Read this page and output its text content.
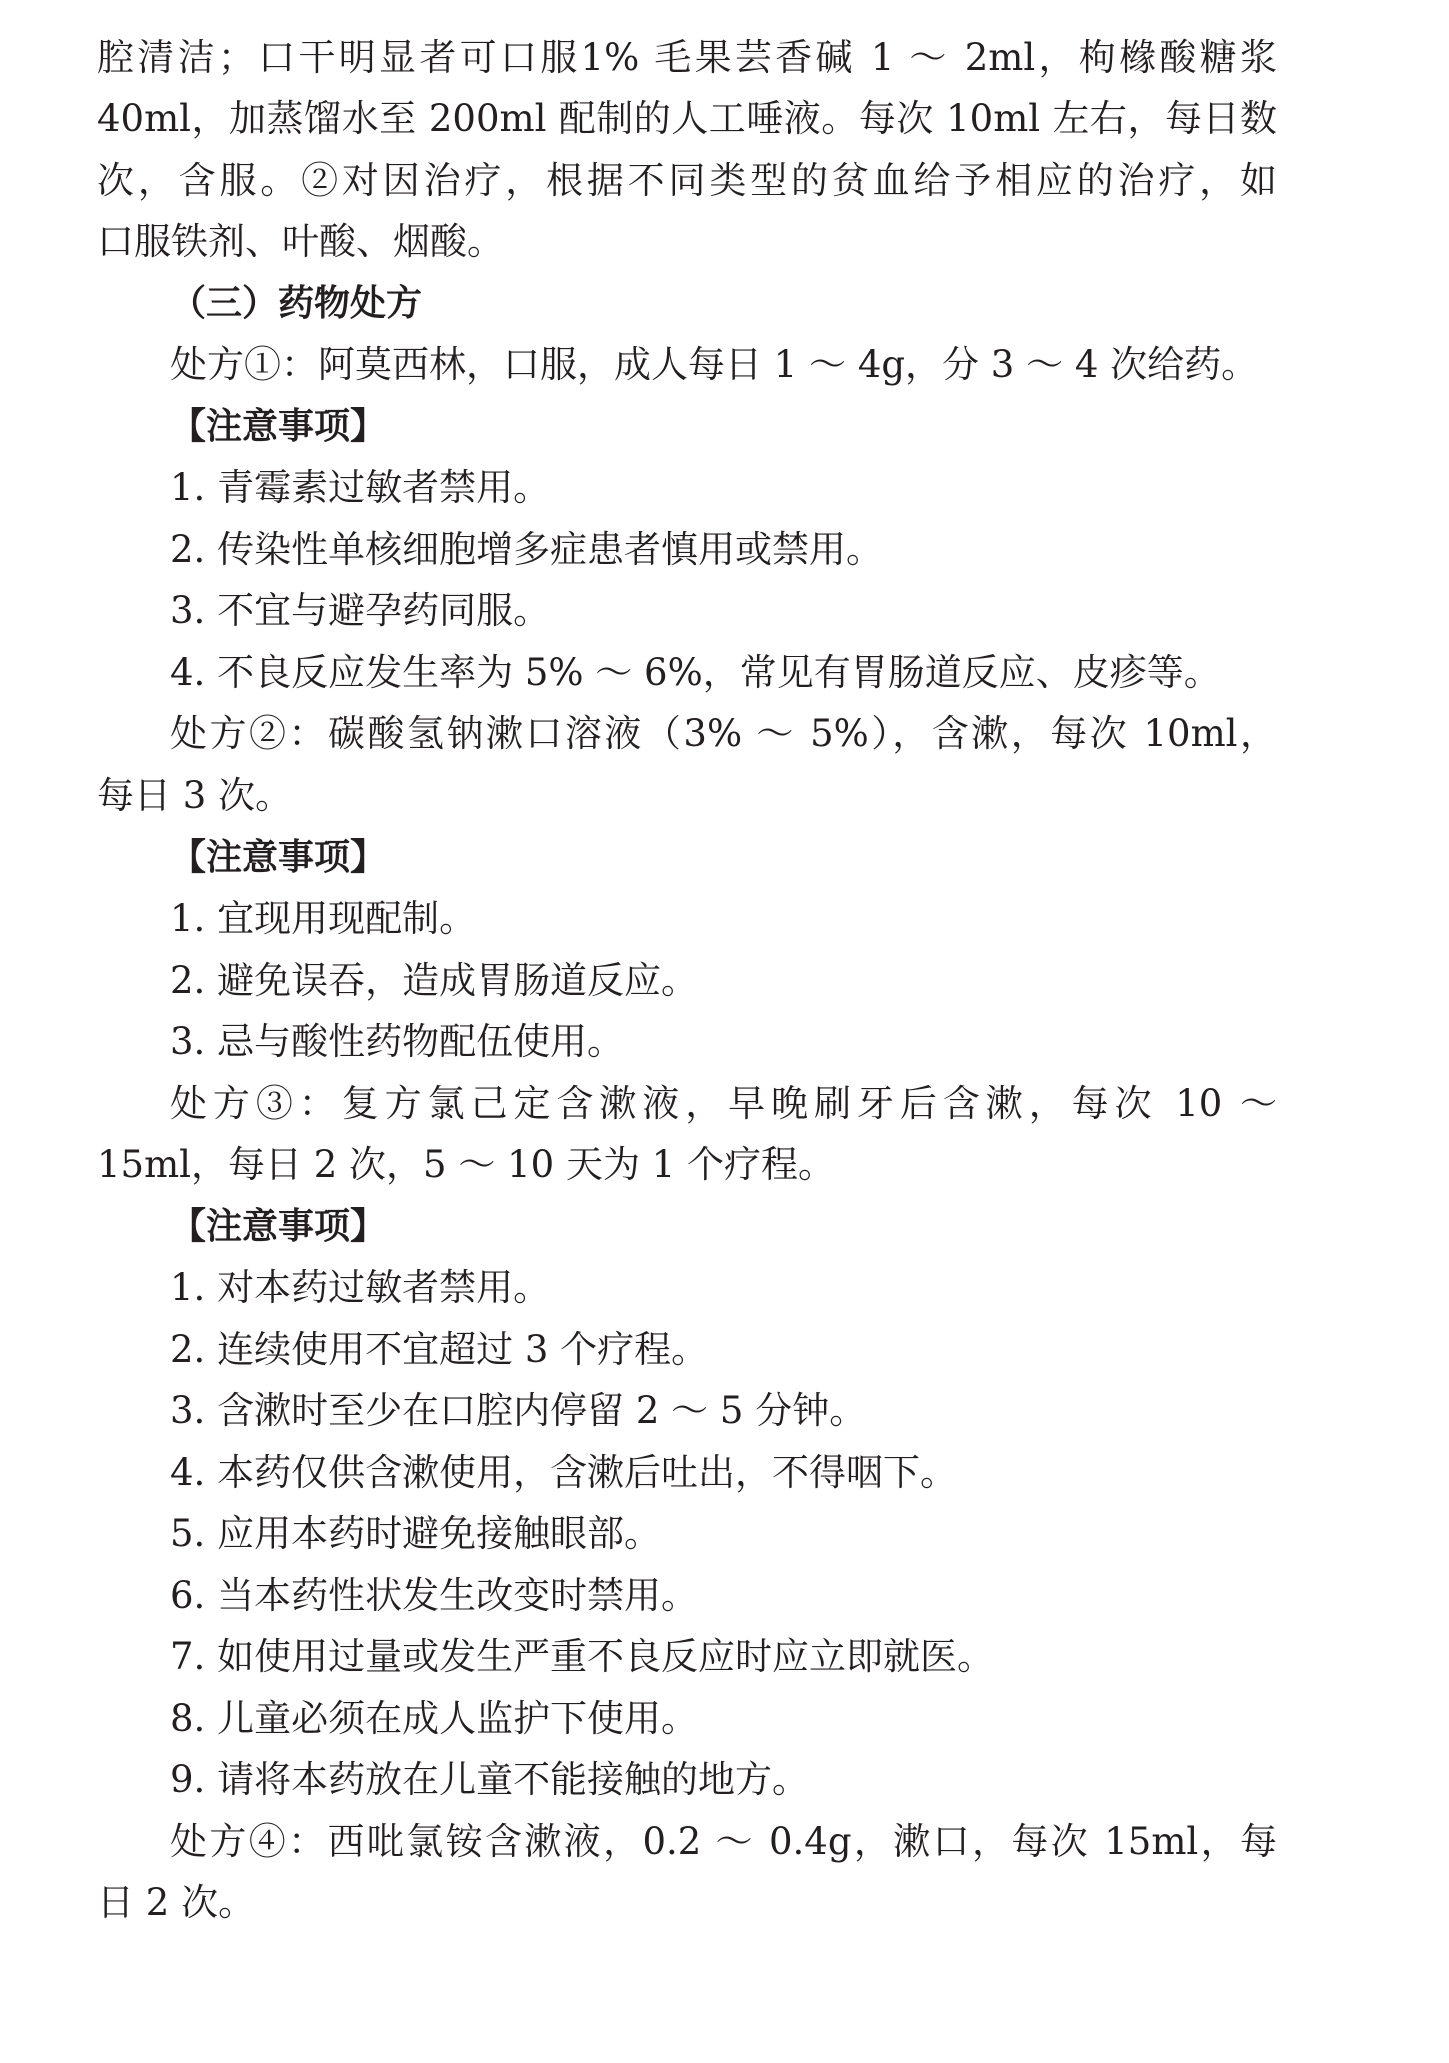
腔清洁；口干明显者可口服1% 毛果芸香碱 1 ～ 2ml，枸橼酸糖浆
40ml，加蒸馏水至 200ml 配制的人工唾液。每次 10ml 左右，每日数
次，含服。②对因治疗，根据不同类型的贫血给予相应的治疗，如
口服铁剂、叶酸、烟酸。
（三）药物处方
处方①：阿莫西林，口服，成人每日 1 ～ 4g，分 3 ～ 4 次给药。
【注意事项】
1. 青霉素过敏者禁用。
2. 传染性单核细胞增多症患者慎用或禁用。
3. 不宜与避孕药同服。
4. 不良反应发生率为 5% ～ 6%，常见有胃肠道反应、皮疹等。
处方②：碳酸氢钠漱口溶液（3% ～ 5%），含漱，每次 10ml，
每日 3 次。
【注意事项】
1. 宜现用现配制。
2. 避免误吞，造成胃肠道反应。
3. 忌与酸性药物配伍使用。
处方③：复方氯己定含漱液，早晚刷牙后含漱，每次 10 ～
15ml，每日 2 次，5 ～ 10 天为 1 个疗程。
【注意事项】
1. 对本药过敏者禁用。
2. 连续使用不宜超过 3 个疗程。
3. 含漱时至少在口腔内停留 2 ～ 5 分钟。
4. 本药仅供含漱使用，含漱后吐出，不得咽下。
5. 应用本药时避免接触眼部。
6. 当本药性状发生改变时禁用。
7. 如使用过量或发生严重不良反应时应立即就医。
8. 儿童必须在成人监护下使用。
9. 请将本药放在儿童不能接触的地方。
处方④：西吡氯铵含漱液，0.2 ～ 0.4g，漱口，每次 15ml，每
日 2 次。
